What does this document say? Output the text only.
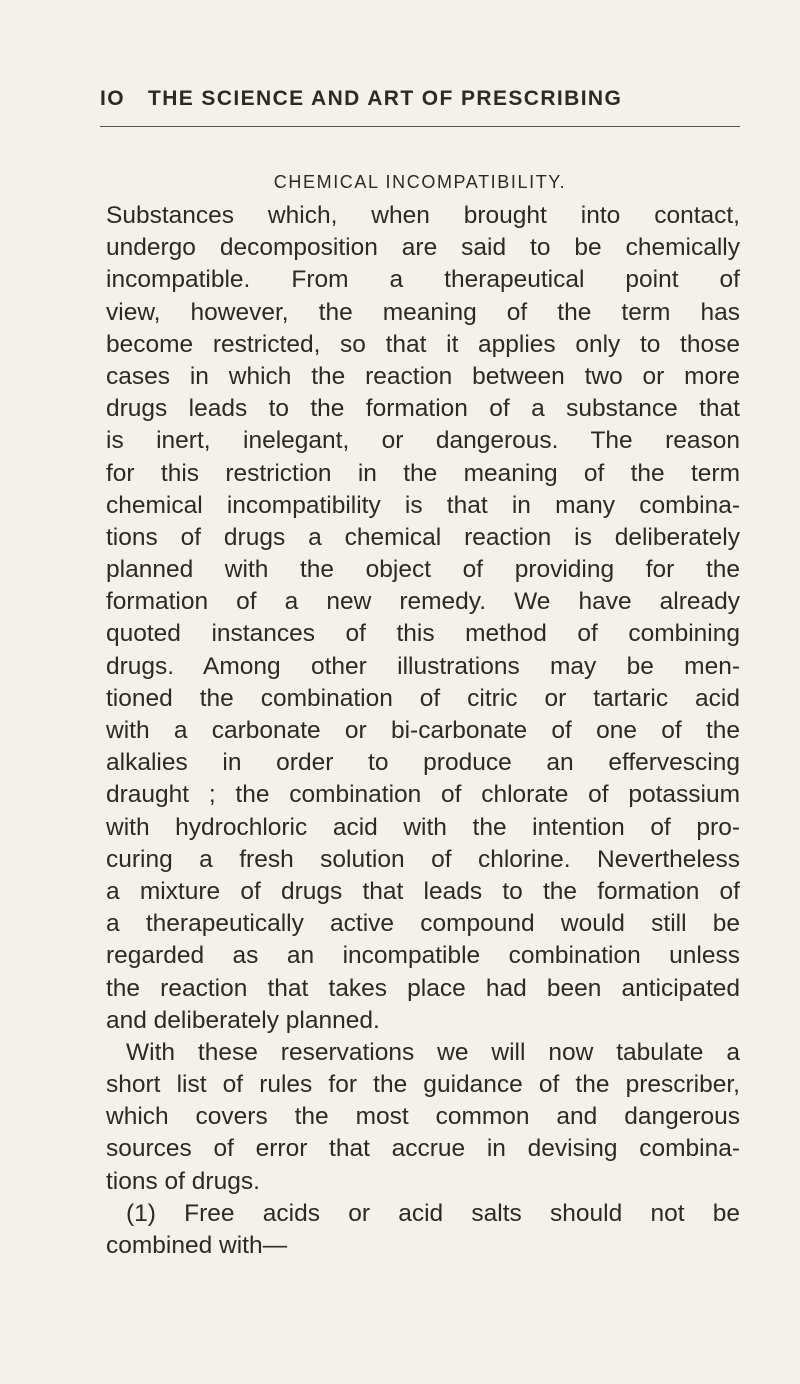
IO THE SCIENCE AND ART OF PRESCRIBING
CHEMICAL INCOMPATIBILITY.
Substances which, when brought into contact,
undergo decomposition are said to be chemically
incompatible. From a therapeutical point of
view, however, the meaning of the term has
become restricted, so that it applies only to those
cases in which the reaction between two or more
drugs leads to the formation of a substance that
is inert, inelegant, or dangerous. The reason
for this restriction in the meaning of the term
chemical incompatibility is that in many combina-
tions of drugs a chemical reaction is deliberately
planned with the object of providing for the
formation of a new remedy. We have already
quoted instances of this method of combining
drugs. Among other illustrations may be men-
tioned the combination of citric or tartaric acid
with a carbonate or bi-carbonate of one of the
alkalies in order to produce an effervescing
draught ; the combination of chlorate of potassium
with hydrochloric acid with the intention of pro-
curing a fresh solution of chlorine. Nevertheless
a mixture of drugs that leads to the formation of
a therapeutically active compound would still be
regarded as an incompatible combination unless
the reaction that takes place had been anticipated
and deliberately planned.
With these reservations we will now tabulate a
short list of rules for the guidance of the prescriber,
which covers the most common and dangerous
sources of error that accrue in devising combina-
tions of drugs.
(1) Free acids or acid salts should not be
combined with—
